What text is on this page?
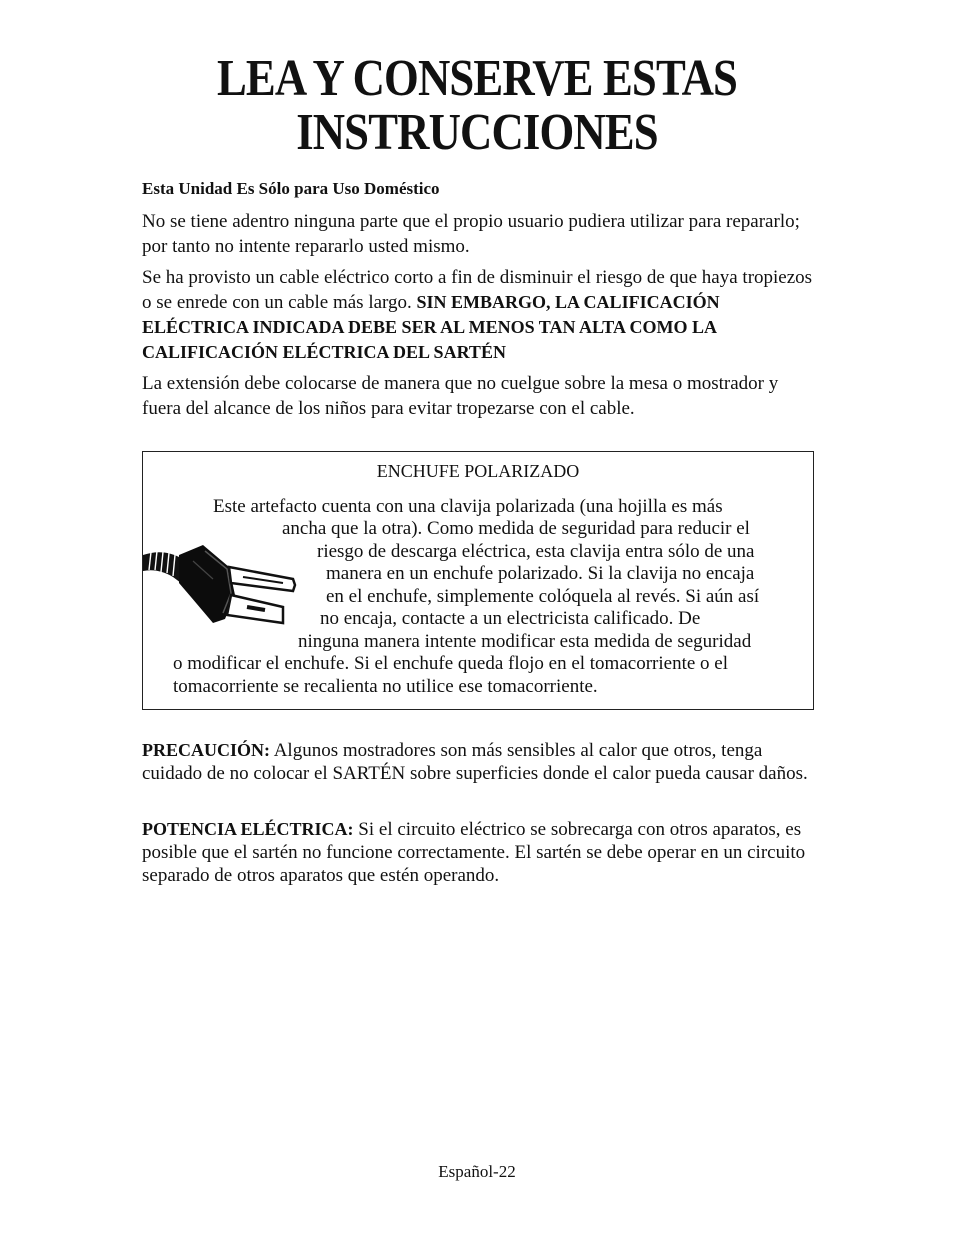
LEA Y CONSERVE ESTAS
INSTRUCCIONES

Esta Unidad Es Sólo para Uso Doméstico

No se tiene adentro ninguna parte que el propio usuario pudiera utilizar para repararlo; por tanto no intente repararlo usted mismo.

Se ha provisto un cable eléctrico corto a fin de disminuir el riesgo de que haya tropiezos o se enrede con un cable más largo. SIN EMBARGO, LA CALIFICACIÓN ELÉCTRICA INDICADA DEBE SER AL MENOS TAN ALTA COMO LA CALIFICACIÓN ELÉCTRICA DEL SARTÉN

La extensión debe colocarse de manera que no cuelgue sobre la mesa o mostrador y fuera del alcance de los niños para evitar tropezarse con el cable.

ENCHUFE POLARIZADO
Este artefacto cuenta con una clavija polarizada (una hojilla es más
ancha que la otra). Como medida de seguridad para reducir el
riesgo de descarga eléctrica, esta clavija entra sólo de una
manera en un enchufe polarizado. Si la clavija no encaja
en el enchufe, simplemente colóquela al revés. Si aún así
no encaja, contacte a un electricista calificado. De
ninguna manera intente modificar esta medida de seguridad
o modificar el enchufe. Si el enchufe queda flojo en el tomacorriente o el
tomacorriente se recalienta no utilice ese tomacorriente.
PRECAUCIÓN: Algunos mostradores son más sensibles al calor que otros, tenga cuidado de no colocar el SARTÉN sobre superficies donde el calor pueda causar daños.
POTENCIA ELÉCTRICA: Si el circuito eléctrico se sobrecarga con otros aparatos, es posible que el sartén no funcione correctamente. El sartén se debe operar en un circuito separado de otros aparatos que estén operando.
Español-22
